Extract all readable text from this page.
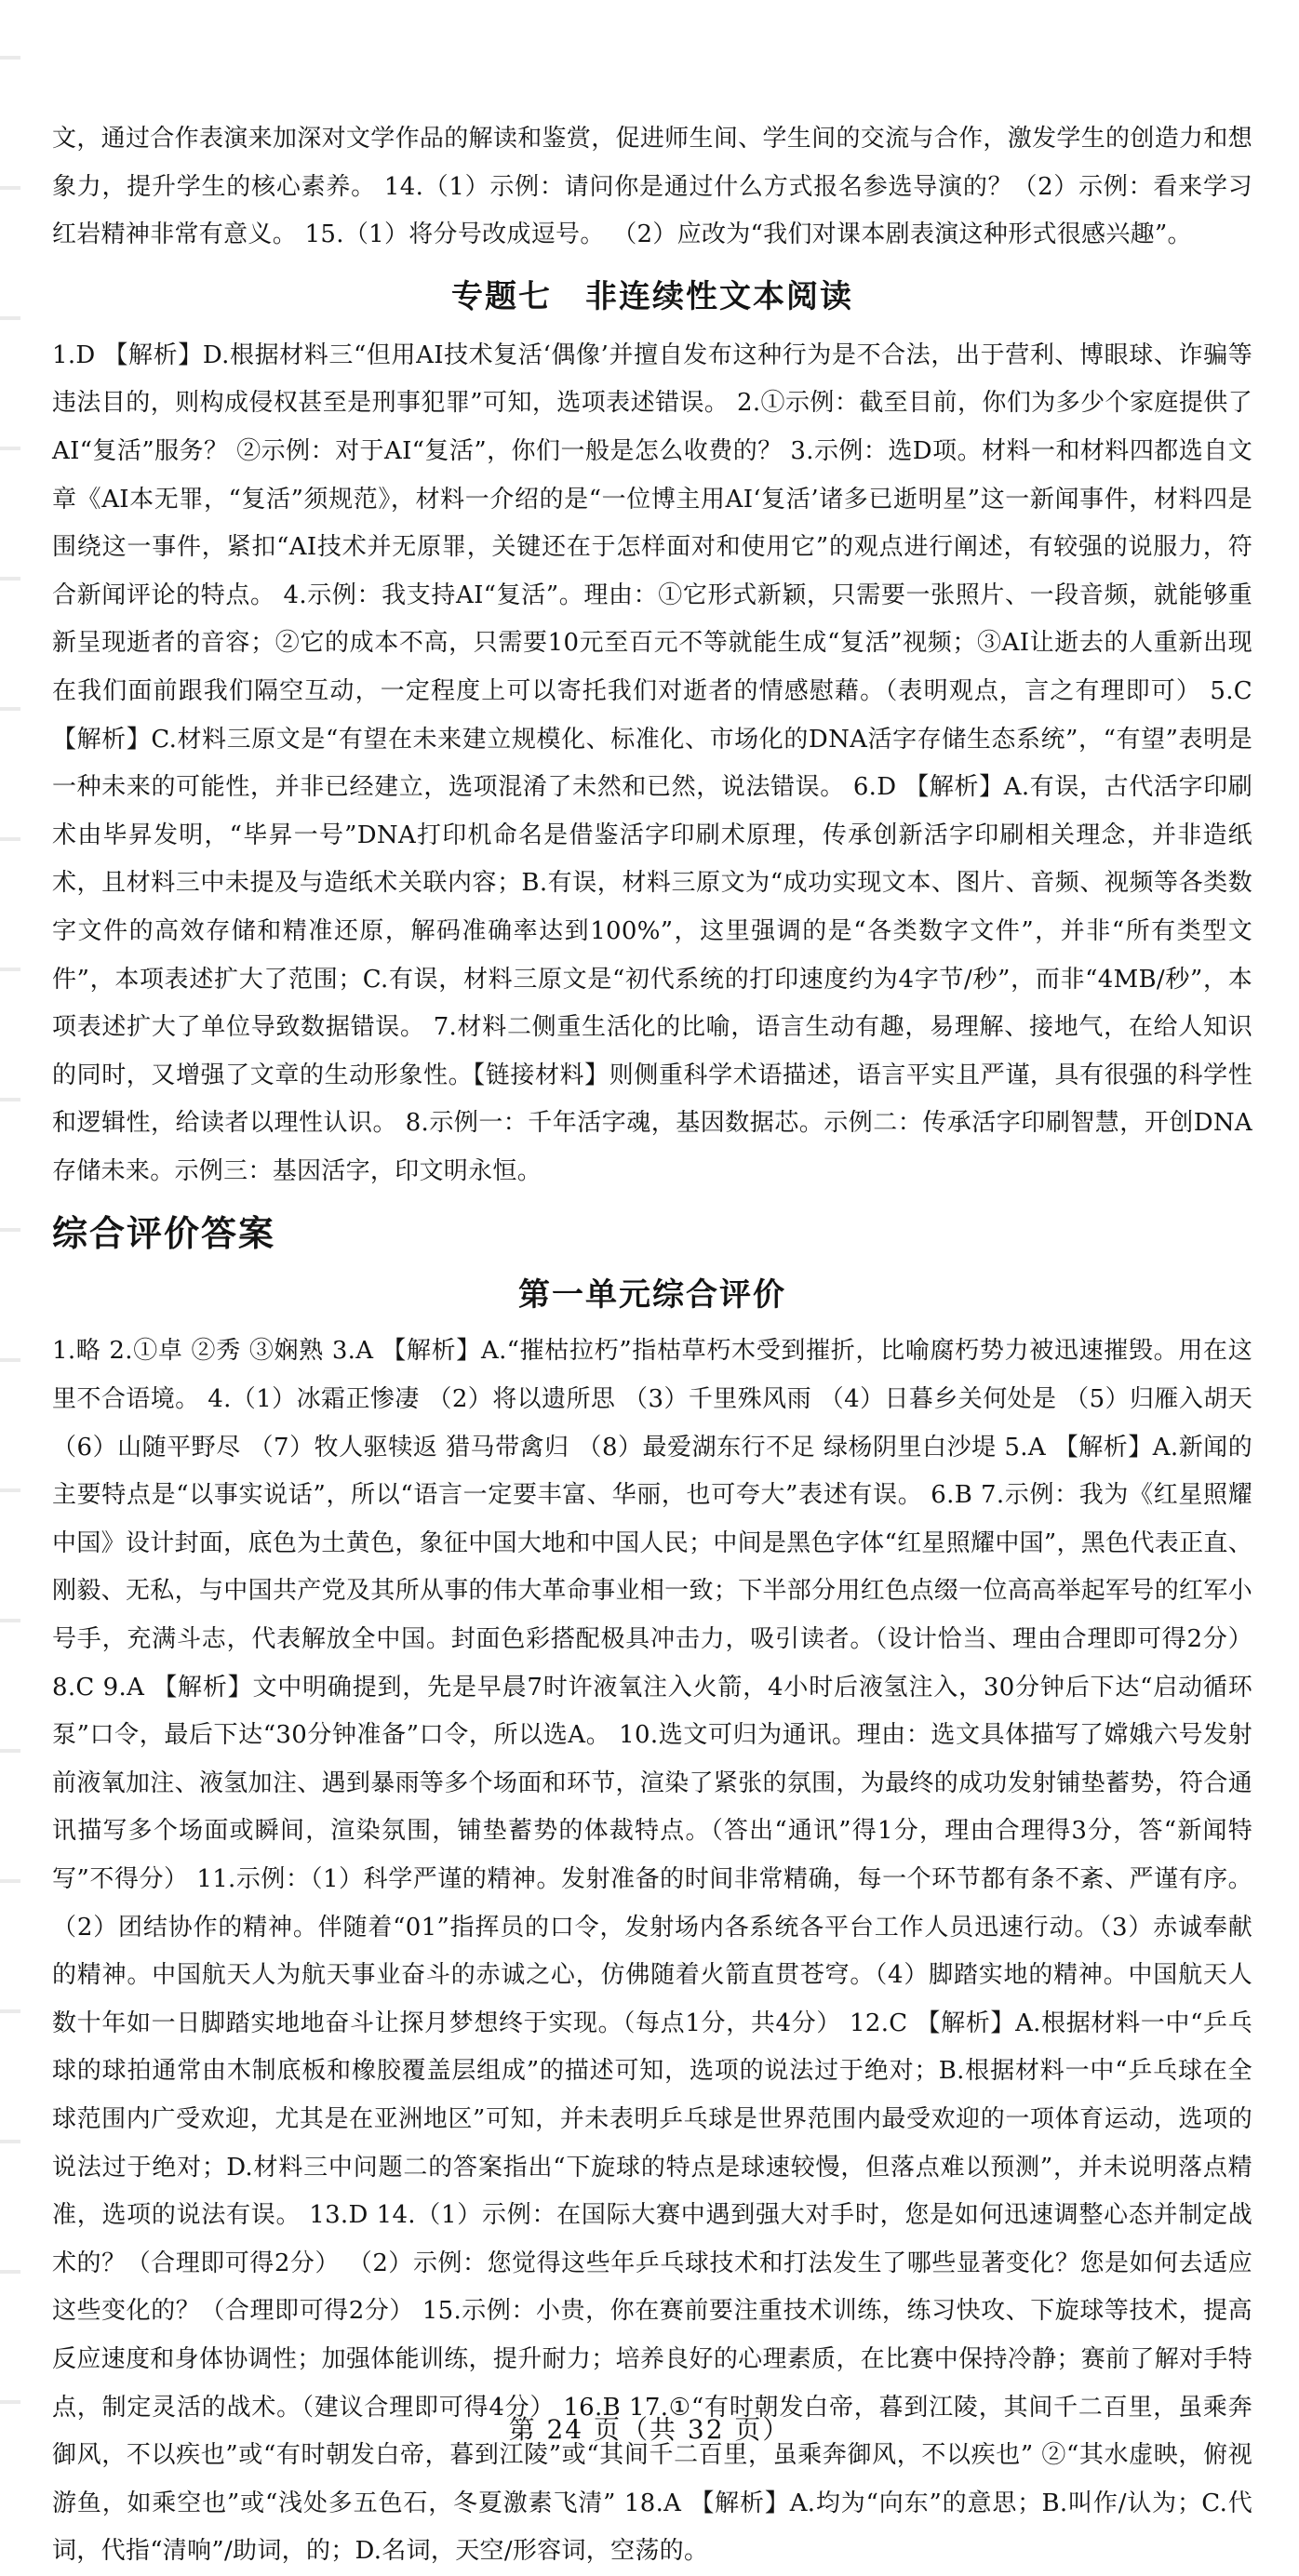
文，通过合作表演来加深对文学作品的解读和鉴赏，促进师生间、学生间的交流与合作，激发学生的创造力和想象力，提升学生的核心素养。 14.（1）示例：请问你是通过什么方式报名参选导演的？（2）示例：看来学习红岩精神非常有意义。 15.（1）将分号改成逗号。 （2）应改为“我们对课本剧表演这种形式很感兴趣”。

专题七　非连续性文本阅读

1.D 【解析】D.根据材料三“但用AI技术复活‘偶像’并擅自发布这种行为是不合法，出于营利、博眼球、诈骗等违法目的，则构成侵权甚至是刑事犯罪”可知，选项表述错误。 2.①示例：截至目前，你们为多少个家庭提供了AI“复活”服务？ ②示例：对于AI“复活”，你们一般是怎么收费的？ 3.示例：选D项。材料一和材料四都选自文章《AI本无罪，“复活”须规范》，材料一介绍的是“一位博主用AI‘复活’诸多已逝明星”这一新闻事件，材料四是围绕这一事件，紧扣“AI技术并无原罪，关键还在于怎样面对和使用它”的观点进行阐述，有较强的说服力，符合新闻评论的特点。 4.示例：我支持AI“复活”。理由：①它形式新颖，只需要一张照片、一段音频，就能够重新呈现逝者的音容；②它的成本不高，只需要10元至百元不等就能生成“复活”视频；③AI让逝去的人重新出现在我们面前跟我们隔空互动，一定程度上可以寄托我们对逝者的情感慰藉。（表明观点，言之有理即可） 5.C 【解析】C.材料三原文是“有望在未来建立规模化、标准化、市场化的DNA活字存储生态系统”，“有望”表明是一种未来的可能性，并非已经建立，选项混淆了未然和已然，说法错误。 6.D 【解析】A.有误，古代活字印刷术由毕昇发明，“毕昇一号”DNA打印机命名是借鉴活字印刷术原理，传承创新活字印刷相关理念，并非造纸术，且材料三中未提及与造纸术关联内容；B.有误，材料三原文为“成功实现文本、图片、音频、视频等各类数字文件的高效存储和精准还原，解码准确率达到100%”，这里强调的是“各类数字文件”，并非“所有类型文件”，本项表述扩大了范围；C.有误，材料三原文是“初代系统的打印速度约为4字节/秒”，而非“4MB/秒”，本项表述扩大了单位导致数据错误。 7.材料二侧重生活化的比喻，语言生动有趣，易理解、接地气，在给人知识的同时，又增强了文章的生动形象性。【链接材料】则侧重科学术语描述，语言平实且严谨，具有很强的科学性和逻辑性，给读者以理性认识。 8.示例一：千年活字魂，基因数据芯。示例二：传承活字印刷智慧，开创DNA存储未来。示例三：基因活字，印文明永恒。

综合评价答案
第一单元综合评价

1.略 2.①卓 ②秀 ③娴熟 3.A 【解析】A.“摧枯拉朽”指枯草朽木受到摧折，比喻腐朽势力被迅速摧毁。用在这里不合语境。 4.（1）冰霜正惨凄 （2）将以遗所思 （3）千里殊风雨 （4）日暮乡关何处是 （5）归雁入胡天 （6）山随平野尽 （7）牧人驱犊返 猎马带禽归 （8）最爱湖东行不足 绿杨阴里白沙堤 5.A 【解析】A.新闻的主要特点是“以事实说话”，所以“语言一定要丰富、华丽，也可夸大”表述有误。 6.B 7.示例：我为《红星照耀中国》设计封面，底色为土黄色，象征中国大地和中国人民；中间是黑色字体“红星照耀中国”，黑色代表正直、刚毅、无私，与中国共产党及其所从事的伟大革命事业相一致；下半部分用红色点缀一位高高举起军号的红军小号手，充满斗志，代表解放全中国。封面色彩搭配极具冲击力，吸引读者。（设计恰当、理由合理即可得2分） 8.C 9.A 【解析】文中明确提到，先是早晨7时许液氧注入火箭，4小时后液氢注入，30分钟后下达“启动循环泵”口令，最后下达“30分钟准备”口令，所以选A。 10.选文可归为通讯。理由：选文具体描写了嫦娥六号发射前液氧加注、液氢加注、遇到暴雨等多个场面和环节，渲染了紧张的氛围，为最终的成功发射铺垫蓄势，符合通讯描写多个场面或瞬间，渲染氛围，铺垫蓄势的体裁特点。（答出“通讯”得1分，理由合理得3分，答“新闻特写”不得分） 11.示例：（1）科学严谨的精神。发射准备的时间非常精确，每一个环节都有条不紊、严谨有序。（2）团结协作的精神。伴随着“01”指挥员的口令，发射场内各系统各平台工作人员迅速行动。（3）赤诚奉献的精神。中国航天人为航天事业奋斗的赤诚之心，仿佛随着火箭直贯苍穹。（4）脚踏实地的精神。中国航天人数十年如一日脚踏实地地奋斗让探月梦想终于实现。（每点1分，共4分） 12.C 【解析】A.根据材料一中“乒乓球的球拍通常由木制底板和橡胶覆盖层组成”的描述可知，选项的说法过于绝对；B.根据材料一中“乒乓球在全球范围内广受欢迎，尤其是在亚洲地区”可知，并未表明乒乓球是世界范围内最受欢迎的一项体育运动，选项的说法过于绝对；D.材料三中问题二的答案指出“下旋球的特点是球速较慢，但落点难以预测”，并未说明落点精准，选项的说法有误。 13.D 14.（1）示例：在国际大赛中遇到强大对手时，您是如何迅速调整心态并制定战术的？（合理即可得2分） （2）示例：您觉得这些年乒乓球技术和打法发生了哪些显著变化？您是如何去适应这些变化的？（合理即可得2分） 15.示例：小贵，你在赛前要注重技术训练，练习快攻、下旋球等技术，提高反应速度和身体协调性；加强体能训练，提升耐力；培养良好的心理素质，在比赛中保持冷静；赛前了解对手特点，制定灵活的战术。（建议合理即可得4分） 16.B 17.①“有时朝发白帝，暮到江陵，其间千二百里，虽乘奔御风，不以疾也”或“有时朝发白帝，暮到江陵”或“其间千二百里，虽乘奔御风，不以疾也” ②“其水虚映，俯视游鱼，如乘空也”或“浅处多五色石，冬夏激素飞清” 18.A 【解析】A.均为“向东”的意思；B.叫作/认为；C.代词，代指“清响”/助词，的；D.名词，天空/形容词，空荡的。

第 24 页（共 32 页）
